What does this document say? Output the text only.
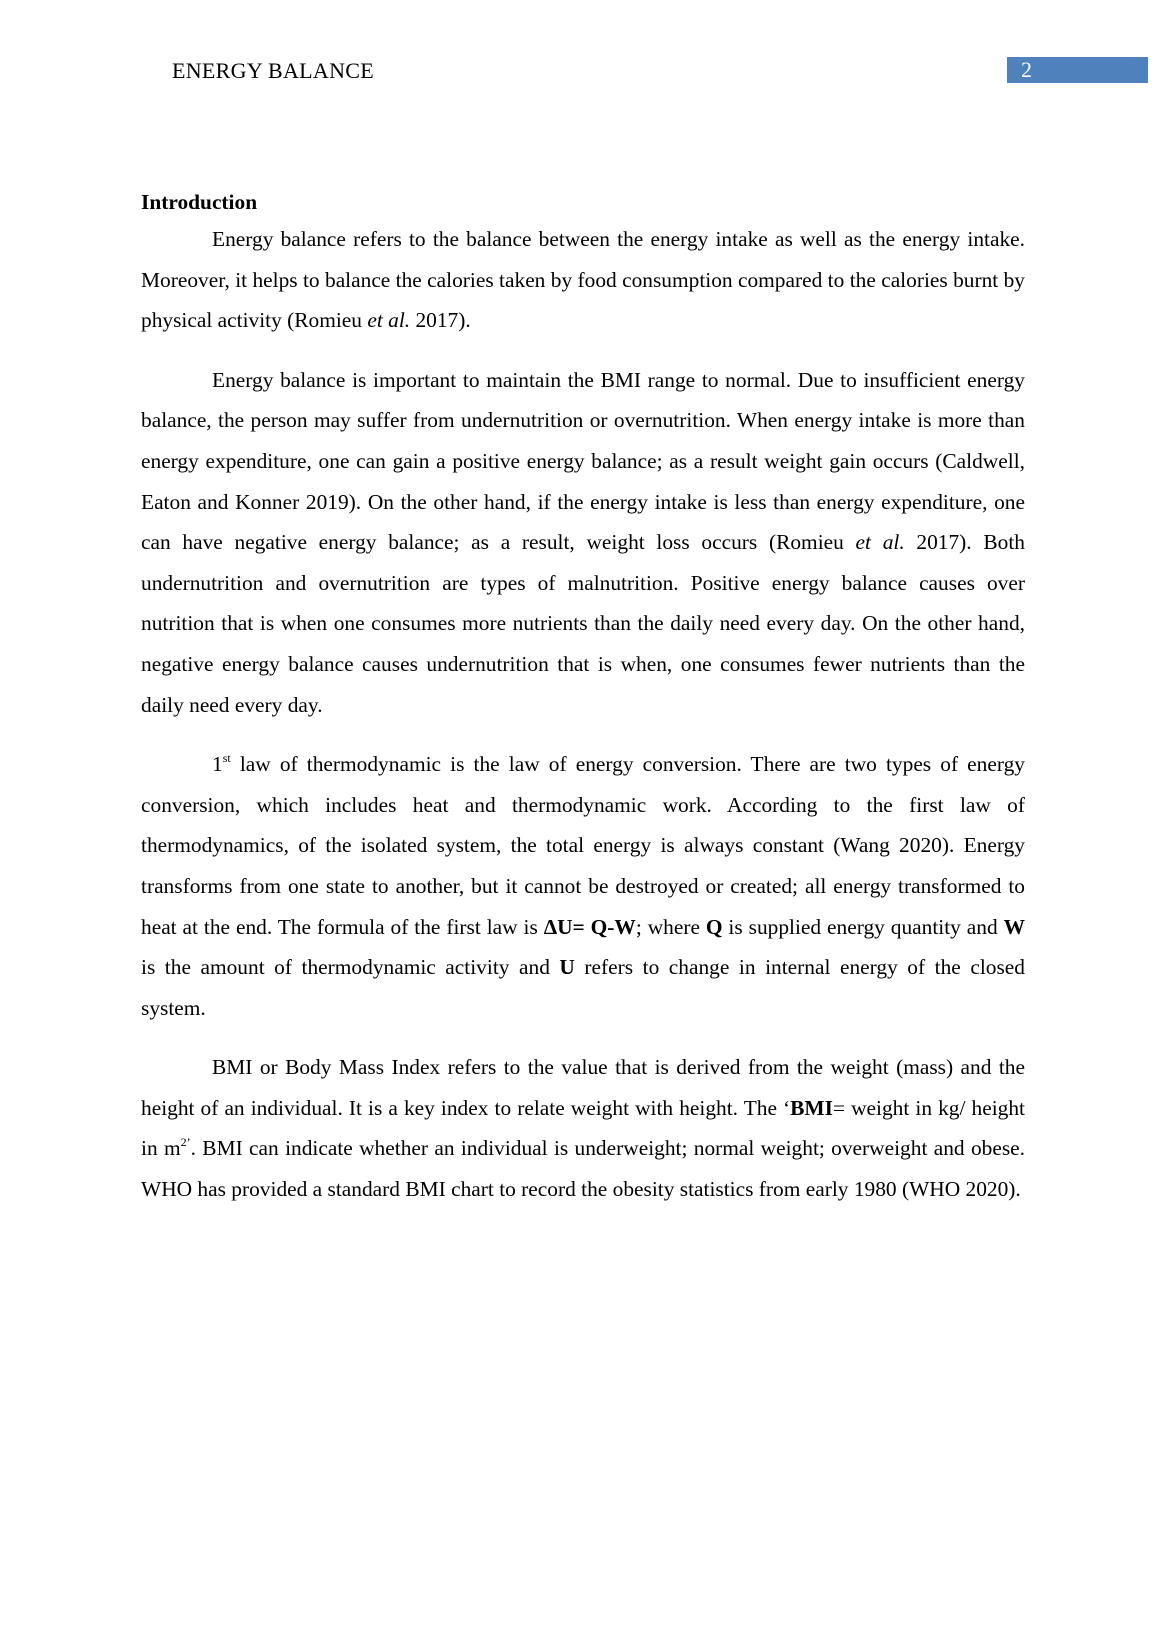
ENERGY BALANCE	2

Introduction

Energy balance refers to the balance between the energy intake as well as the energy intake. Moreover, it helps to balance the calories taken by food consumption compared to the calories burnt by physical activity (Romieu et al. 2017).

Energy balance is important to maintain the BMI range to normal. Due to insufficient energy balance, the person may suffer from undernutrition or overnutrition. When energy intake is more than energy expenditure, one can gain a positive energy balance; as a result weight gain occurs (Caldwell, Eaton and Konner 2019). On the other hand, if the energy intake is less than energy expenditure, one can have negative energy balance; as a result, weight loss occurs (Romieu et al. 2017). Both undernutrition and overnutrition are types of malnutrition. Positive energy balance causes over nutrition that is when one consumes more nutrients than the daily need every day. On the other hand, negative energy balance causes undernutrition that is when, one consumes fewer nutrients than the daily need every day.

1st law of thermodynamic is the law of energy conversion. There are two types of energy conversion, which includes heat and thermodynamic work. According to the first law of thermodynamics, of the isolated system, the total energy is always constant (Wang 2020). Energy transforms from one state to another, but it cannot be destroyed or created; all energy transformed to heat at the end. The formula of the first law is ΔU= Q-W; where Q is supplied energy quantity and W is the amount of thermodynamic activity and U refers to change in internal energy of the closed system.

BMI or Body Mass Index refers to the value that is derived from the weight (mass) and the height of an individual. It is a key index to relate weight with height. The ‘BMI= weight in kg/ height in $m^{2’}$. BMI can indicate whether an individual is underweight; normal weight; overweight and obese. WHO has provided a standard BMI chart to record the obesity statistics from early 1980 (WHO 2020).
